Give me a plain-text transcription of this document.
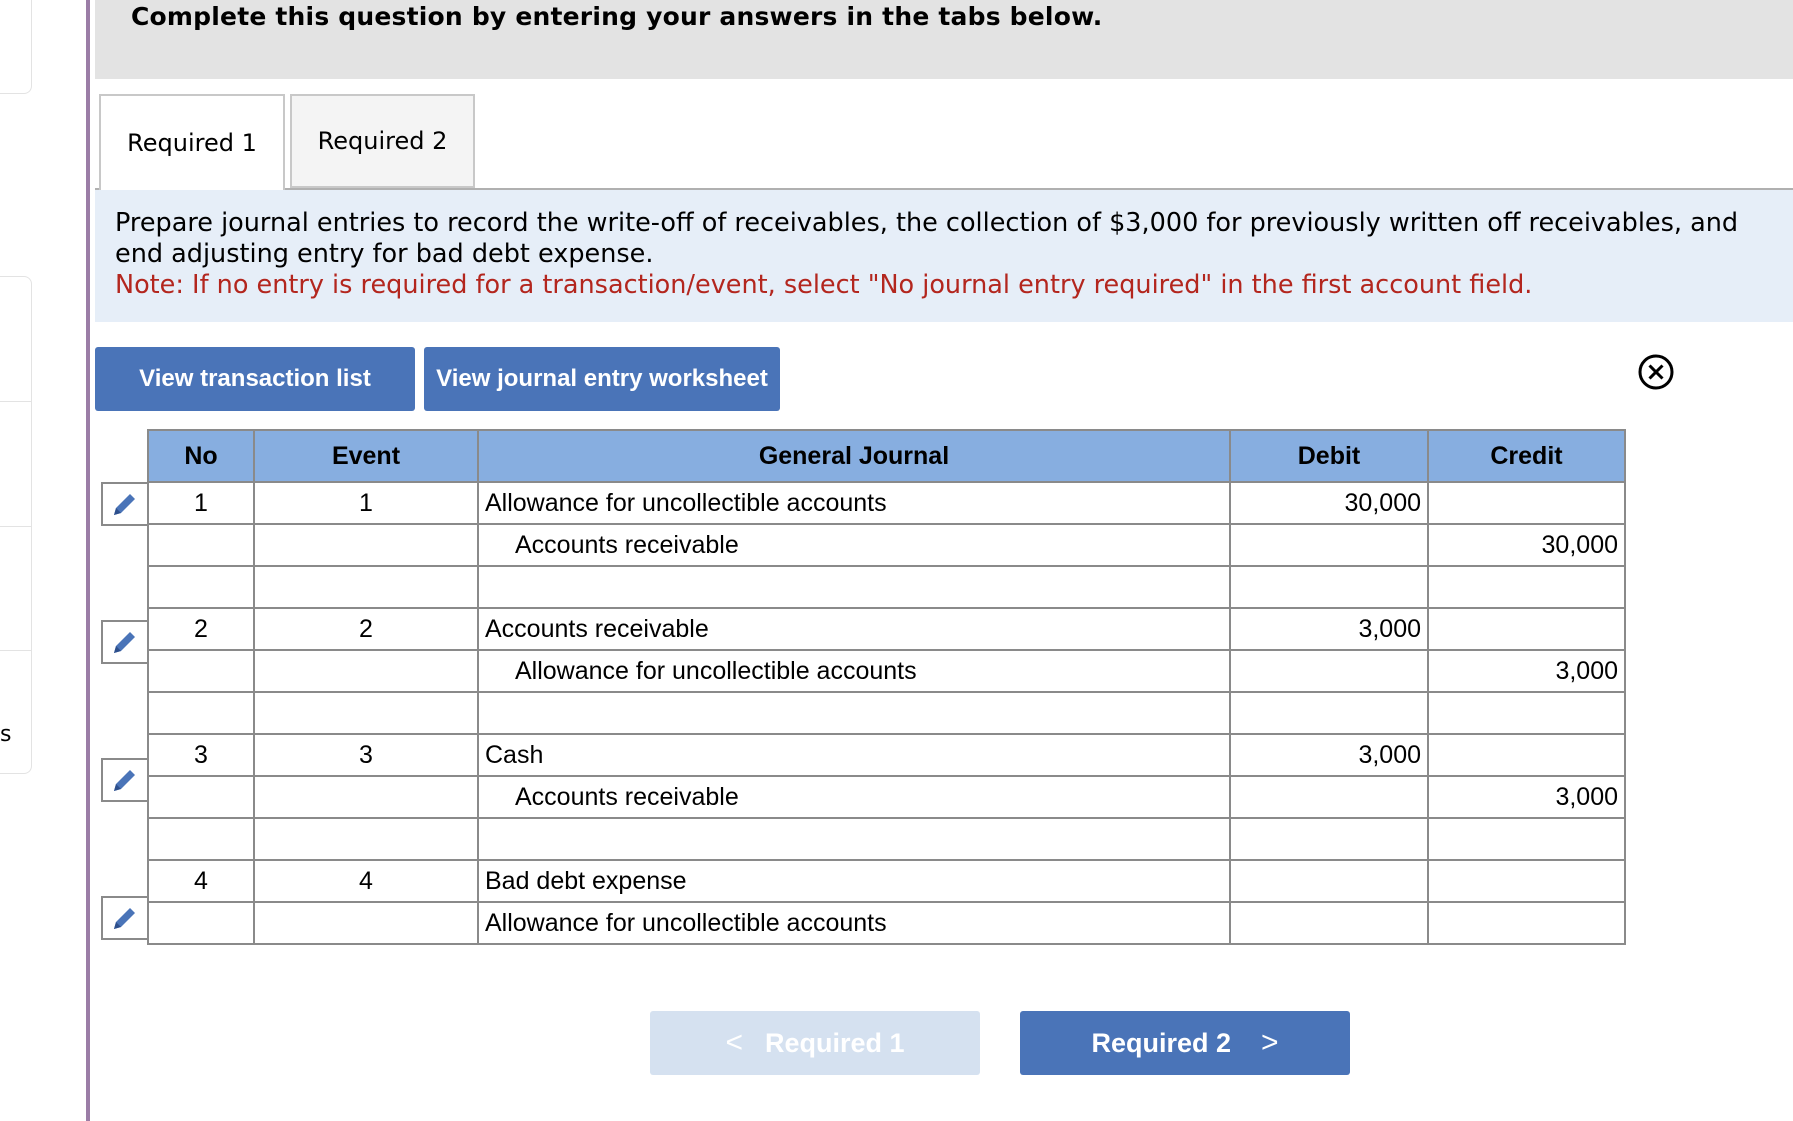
s
Complete this question by entering your answers in the tabs below.
Required 1	Required 2
Prepare journal entries to record the write-off of receivables, the collection of $3,000 for previously written off receivables, and end adjusting entry for bad debt expense.
Note: If no entry is required for a transaction/event, select "No journal entry required" in the first account field.
View transaction list	View journal entry worksheet
No	Event	General Journal	Debit	Credit
1	1	Allowance for uncollectible accounts	30,000	
		Accounts receivable		30,000

2	2	Accounts receivable	3,000	
		Allowance for uncollectible accounts		3,000

3	3	Cash	3,000	
		Accounts receivable		3,000

4	4	Bad debt expense		
		Allowance for uncollectible accounts		
< Required 1	Required 2 >
